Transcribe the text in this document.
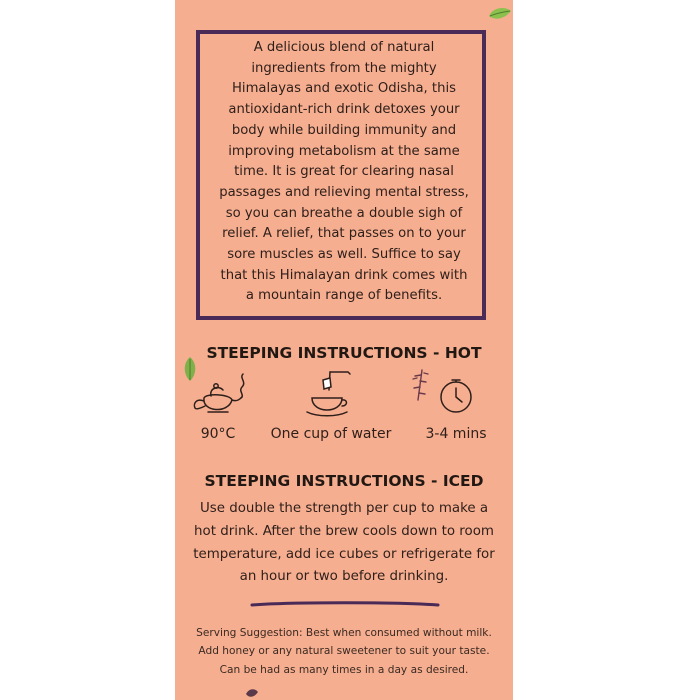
A delicious blend of natural
ingredients from the mighty
Himalayas and exotic Odisha, this
antioxidant-rich drink detoxes your
body while building immunity and
improving metabolism at the same
time. It is great for clearing nasal
passages and relieving mental stress,
so you can breathe a double sigh of
relief. A relief, that passes on to your
sore muscles as well. Suffice to say
that this Himalayan drink comes with
a mountain range of benefits.
STEEPING INSTRUCTIONS - HOT
90°C	One cup of water	3-4 mins
STEEPING INSTRUCTIONS - ICED
Use double the strength per cup to make a
hot drink. After the brew cools down to room
temperature, add ice cubes or refrigerate for
an hour or two before drinking.
Serving Suggestion: Best when consumed without milk.
Add honey or any natural sweetener to suit your taste.
Can be had as many times in a day as desired.
